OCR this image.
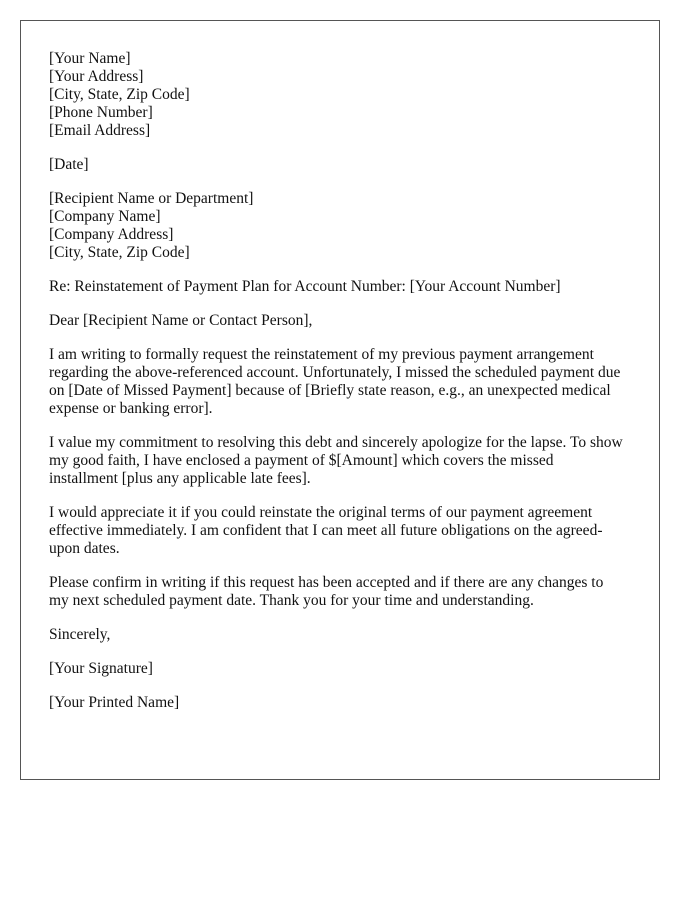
[Your Name]
[Your Address]
[City, State, Zip Code]
[Phone Number]
[Email Address]
[Date]
[Recipient Name or Department]
[Company Name]
[Company Address]
[City, State, Zip Code]

Re: Reinstatement of Payment Plan for Account Number: [Your Account Number]

Dear [Recipient Name or Contact Person],

I am writing to formally request the reinstatement of my previous payment arrangement regarding the above-referenced account. Unfortunately, I missed the scheduled payment due on [Date of Missed Payment] because of [Briefly state reason, e.g., an unexpected medical expense or banking error].

I value my commitment to resolving this debt and sincerely apologize for the lapse. To show my good faith, I have enclosed a payment of $[Amount] which covers the missed installment [plus any applicable late fees].

I would appreciate it if you could reinstate the original terms of our payment agreement effective immediately. I am confident that I can meet all future obligations on the agreed-upon dates.

Please confirm in writing if this request has been accepted and if there are any changes to my next scheduled payment date. Thank you for your time and understanding.

Sincerely,

[Your Signature]

[Your Printed Name]
